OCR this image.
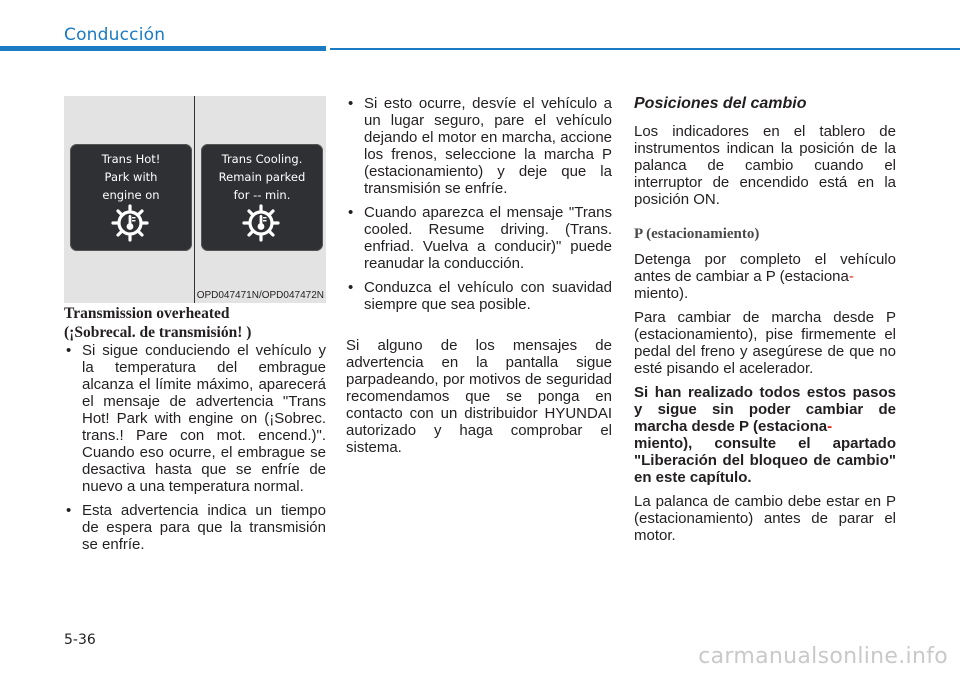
Conducción
Trans Hot!
Park with
engine on
Trans Cooling.
Remain parked
for -- min.
OPD047471N/OPD047472N
Transmission overheated
(¡Sobrecal. de transmisión! )
• Si sigue conduciendo el vehículo y la temperatura del embrague alcanza el límite máximo, aparecerá el mensaje de advertencia "Trans Hot! Park with engine on (¡Sobrec. trans.! Pare con mot. encend.)". Cuando eso ocurre, el embrague se desactiva hasta que se enfríe de nuevo a una temperatura normal.
• Esta advertencia indica un tiempo de espera para que la transmisión se enfríe.
• Si esto ocurre, desvíe el vehículo a un lugar seguro, pare el vehículo dejando el motor en marcha, accione los frenos, seleccione la marcha P (estacionamiento) y deje que la transmisión se enfríe.
• Cuando aparezca el mensaje "Trans cooled. Resume driving. (Trans. enfriad. Vuelva a conducir)" puede reanudar la conducción.
• Conduzca el vehículo con suavidad siempre que sea posible.

Si alguno de los mensajes de advertencia en la pantalla sigue parpadeando, por motivos de seguridad recomendamos que se ponga en contacto con un distribuidor HYUNDAI autorizado y haga comprobar el sistema.

Posiciones del cambio

Los indicadores en el tablero de instrumentos indican la posición de la palanca de cambio cuando el interruptor de encendido está en la posición ON.

P (estacionamiento)

Detenga por completo el vehículo antes de cambiar a P (estaciona-
miento).

Para cambiar de marcha desde P (estacionamiento), pise firmemente el pedal del freno y asegúrese de que no esté pisando el acelerador.

Si han realizado todos estos pasos y sigue sin poder cambiar de marcha desde P (estaciona-
miento), consulte el apartado "Liberación del bloqueo de cambio" en este capítulo.

La palanca de cambio debe estar en P (estacionamiento) antes de parar el motor.

5-36
carmanualsonline.info
